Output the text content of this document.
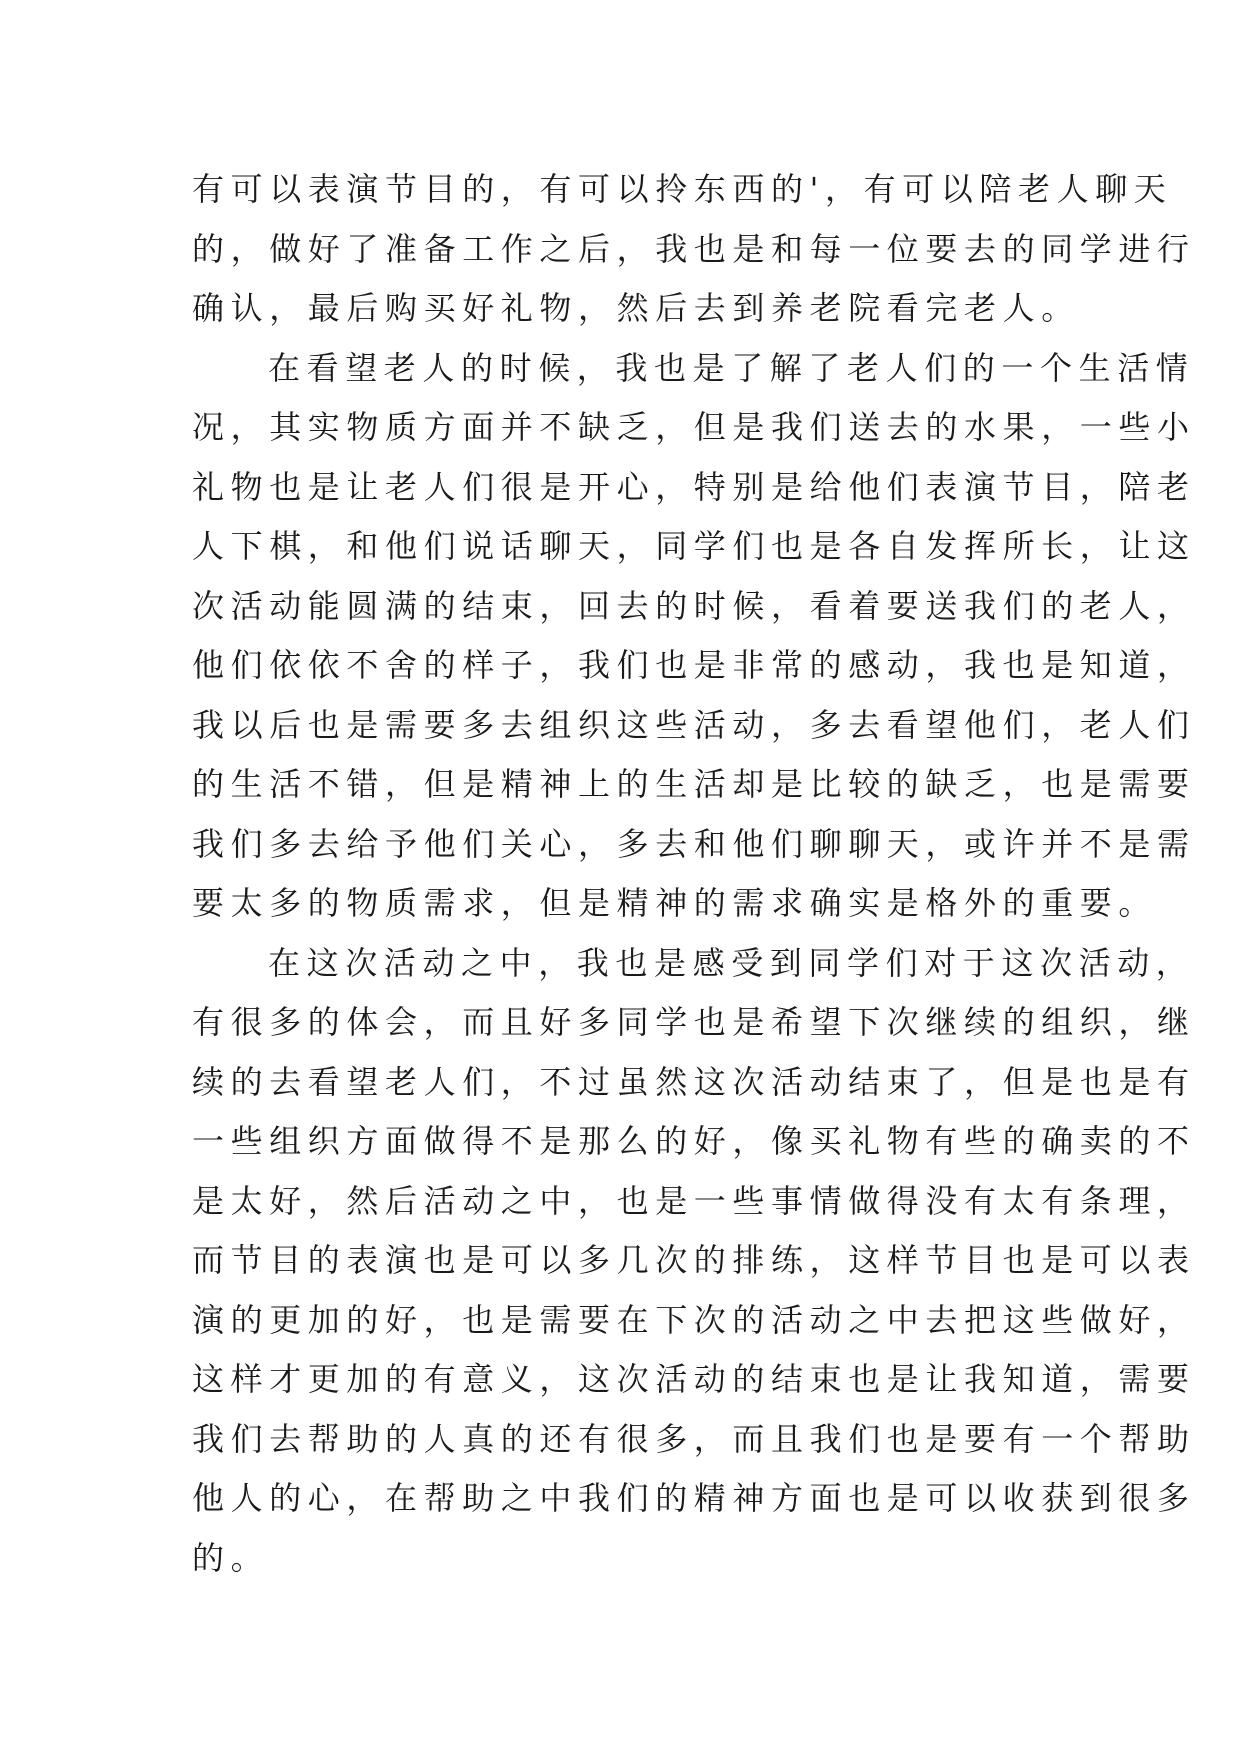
有可以表演节目的，有可以拎东西的'，有可以陪老人聊天
的，做好了准备工作之后，我也是和每一位要去的同学进行
确认，最后购买好礼物，然后去到养老院看完老人。
在看望老人的时候，我也是了解了老人们的一个生活情
况，其实物质方面并不缺乏，但是我们送去的水果，一些小
礼物也是让老人们很是开心，特别是给他们表演节目，陪老
人下棋，和他们说话聊天，同学们也是各自发挥所长，让这
次活动能圆满的结束，回去的时候，看着要送我们的老人，
他们依依不舍的样子，我们也是非常的感动，我也是知道，
我以后也是需要多去组织这些活动，多去看望他们，老人们
的生活不错，但是精神上的生活却是比较的缺乏，也是需要
我们多去给予他们关心，多去和他们聊聊天，或许并不是需
要太多的物质需求，但是精神的需求确实是格外的重要。
在这次活动之中，我也是感受到同学们对于这次活动，
有很多的体会，而且好多同学也是希望下次继续的组织，继
续的去看望老人们，不过虽然这次活动结束了，但是也是有
一些组织方面做得不是那么的好，像买礼物有些的确卖的不
是太好，然后活动之中，也是一些事情做得没有太有条理，
而节目的表演也是可以多几次的排练，这样节目也是可以表
演的更加的好，也是需要在下次的活动之中去把这些做好，
这样才更加的有意义，这次活动的结束也是让我知道，需要
我们去帮助的人真的还有很多，而且我们也是要有一个帮助
他人的心，在帮助之中我们的精神方面也是可以收获到很多
的。
